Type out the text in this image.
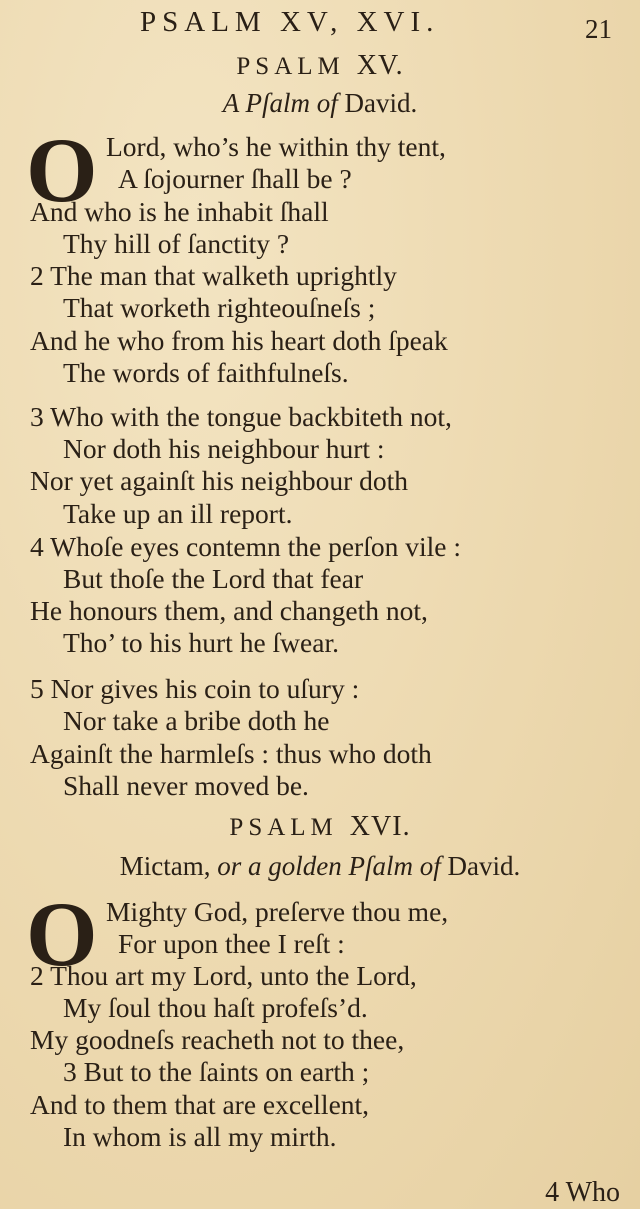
PSALM XV, XVI.	21
PSALM XV.
A Pſalm of David.
O Lord, who’s he within thy tent,
A ſojourner ſhall be ?
And who is he inhabit ſhall
Thy hill of ſanctity ?
2 The man that walketh uprightly
That worketh righteouſneſs ;
And he who from his heart doth ſpeak
The words of faithfulneſs.
3 Who with the tongue backbiteth not,
Nor doth his neighbour hurt :
Nor yet againſt his neighbour doth
Take up an ill report.
4 Whoſe eyes contemn the perſon vile :
But thoſe the Lord that fear
He honours them, and changeth not,
Tho’ to his hurt he ſwear.
5 Nor gives his coin to uſury :
Nor take a bribe doth he
Againſt the harmleſs : thus who doth
Shall never moved be.
PSALM XVI.
Mictam, or a golden Pſalm of David.
O Mighty God, preſerve thou me,
For upon thee I reſt :
2 Thou art my Lord, unto the Lord,
My ſoul thou haſt profeſs’d.
My goodneſs reacheth not to thee,
3 But to the ſaints on earth ;
And to them that are excellent,
In whom is all my mirth.
4 Who
